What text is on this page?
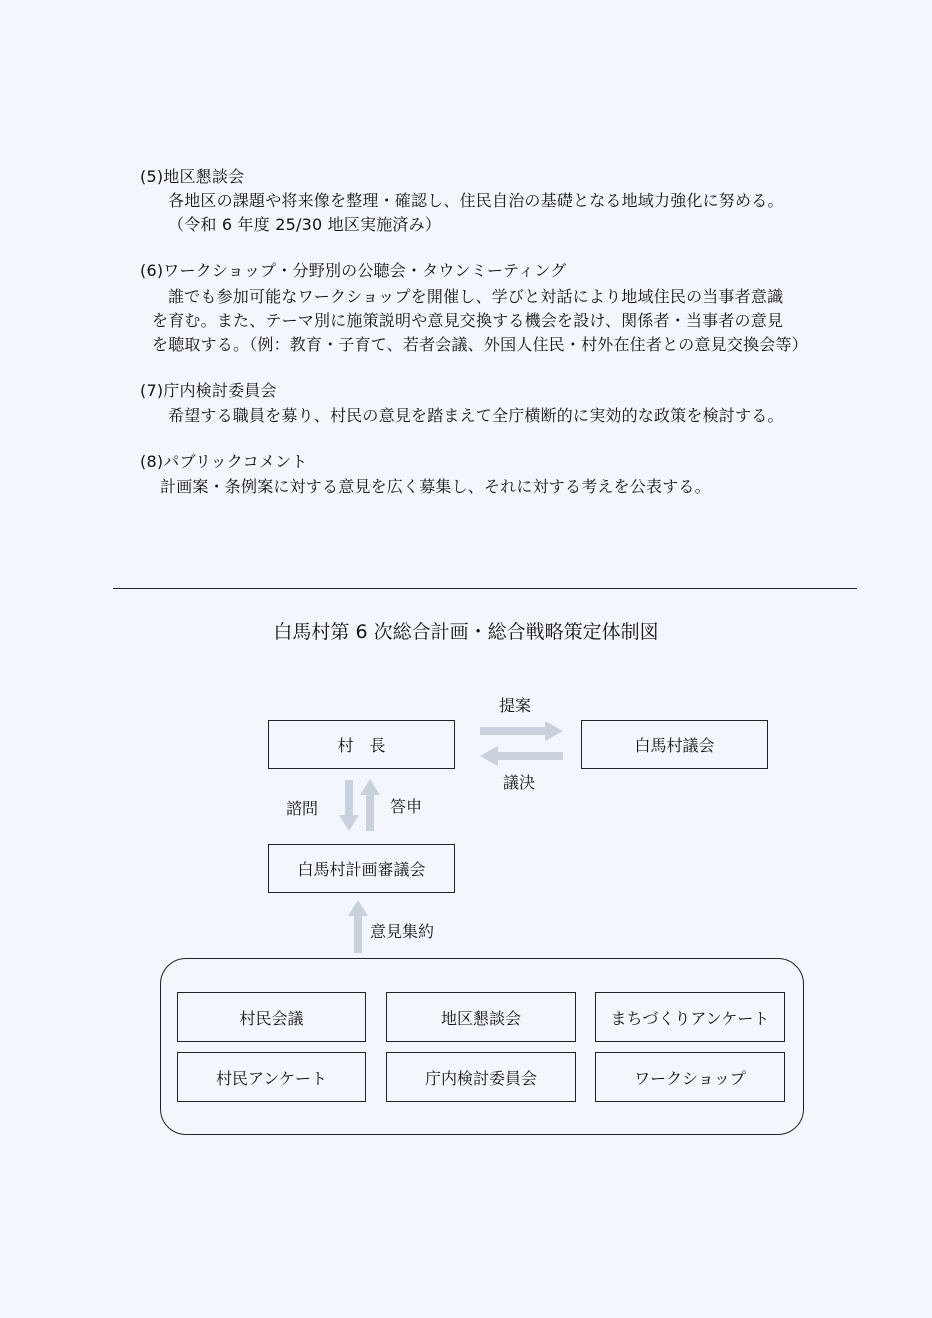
(5)地区懇談会
各地区の課題や将来像を整理・確認し、住民自治の基礎となる地域力強化に努める。
（令和 6 年度 25/30 地区実施済み）
(6)ワークショップ・分野別の公聴会・タウンミーティング
誰でも参加可能なワークショップを開催し、学びと対話により地域住民の当事者意識
を育む。また、テーマ別に施策説明や意見交換する機会を設け、関係者・当事者の意見
を聴取する。（例：教育・子育て、若者会議、外国人住民・村外在住者との意見交換会等）
(7)庁内検討委員会
希望する職員を募り、村民の意見を踏まえて全庁横断的に実効的な政策を検討する。
(8)パブリックコメント
計画案・条例案に対する意見を広く募集し、それに対する考えを公表する。
白馬村第 6 次総合計画・総合戦略策定体制図
村　長	白馬村議会
提案
議決
諮問	答申
白馬村計画審議会
意見集約
村民会議	地区懇談会	まちづくりアンケート
村民アンケート	庁内検討委員会	ワークショップ
